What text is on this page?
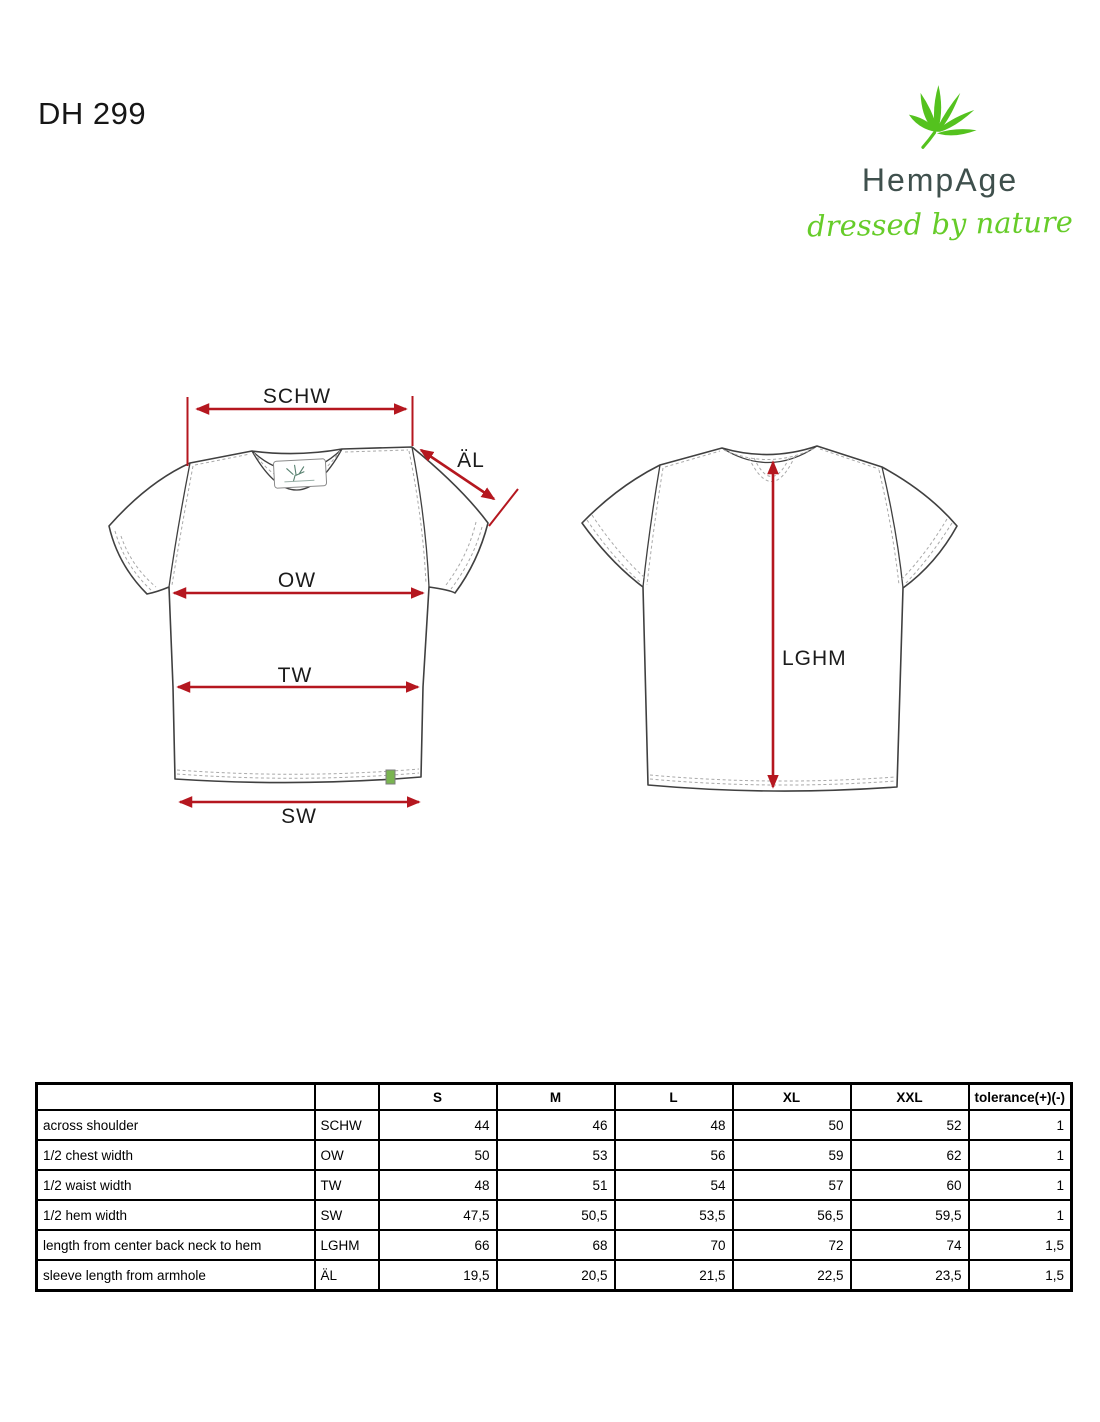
DH 299
HempAge
dressed by nature
SCHW
ÄL
OW
TW
SW
LGHM
		S	M	L	XL	XXL	tolerance(+)(-)
across shoulder	SCHW	44	46	48	50	52	1
1/2 chest width	OW	50	53	56	59	62	1
1/2 waist width	TW	48	51	54	57	60	1
1/2 hem width	SW	47,5	50,5	53,5	56,5	59,5	1
length from center back neck to hem	LGHM	66	68	70	72	74	1,5
sleeve length from armhole	ÄL	19,5	20,5	21,5	22,5	23,5	1,5
